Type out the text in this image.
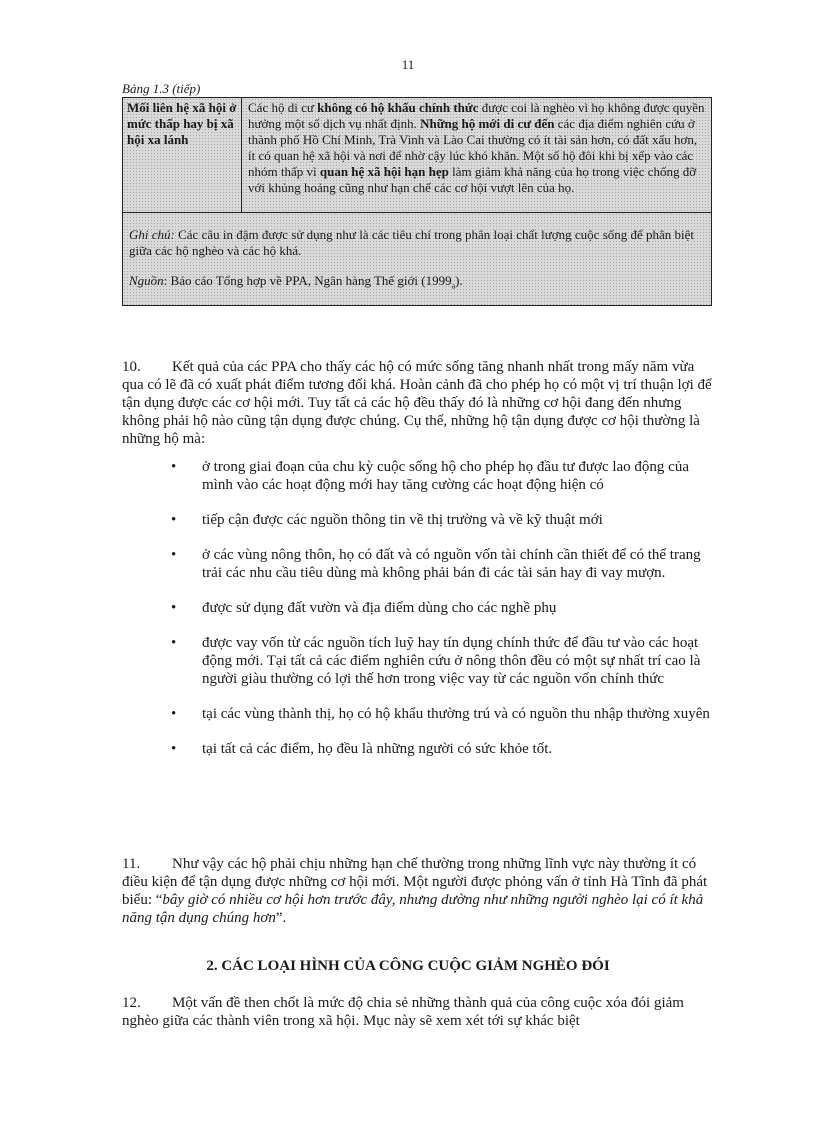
11
Bảng 1.3 (tiếp)
Mối liên hệ xã hội ở mức thấp hay bị xã hội xa lánh
Các hộ di cư không có hộ khẩu chính thức được coi là nghèo vì họ không được quyền hưởng một số dịch vụ nhất định. Những hộ mới di cư đến các địa điểm nghiên cứu ở thành phố Hồ Chí Minh, Trà Vinh và Lào Cai thường có ít tài sản hơn, có đất xấu hơn, ít có quan hệ xã hội và nơi để nhờ cậy lúc khó khăn. Một số hộ đôi khi bị xếp vào các nhóm thấp vì quan hệ xã hội hạn hẹp làm giảm khả năng của họ trong việc chống đỡ với khủng hoảng cũng như hạn chế các cơ hội vượt lên của họ.

Ghi chú: Các câu in đậm được sử dụng như là các tiêu chí trong phân loại chất lượng cuộc sống để phân biệt giữa các hộ nghèo và các hộ khá.

Nguồn: Báo cáo Tổng hợp về PPA, Ngân hàng Thế giới $(1999_a)$.

10. Kết quả của các PPA cho thấy các hộ có mức sống tăng nhanh nhất trong mấy năm vừa qua có lẽ đã có xuất phát điểm tương đối khá. Hoàn cảnh đã cho phép họ có một vị trí thuận lợi để tận dụng được các cơ hội mới. Tuy tất cả các hộ đều thấy đó là những cơ hội đang đến nhưng không phải hộ nào cũng tận dụng được chúng. Cụ thể, những hộ tận dụng được cơ hội thường là những hộ mà:

• ở trong giai đoạn của chu kỳ cuộc sống hộ cho phép họ đầu tư được lao động của mình vào các hoạt động mới hay tăng cường các hoạt động hiện có
• tiếp cận được các nguồn thông tin về thị trường và về kỹ thuật mới
• ở các vùng nông thôn, họ có đất và có nguồn vốn tài chính cần thiết để có thể trang trải các nhu cầu tiêu dùng mà không phải bán đi các tài sản hay đi vay mượn.
• được sử dụng đất vườn và địa điểm dùng cho các nghề phụ
• được vay vốn từ các nguồn tích luỹ hay tín dụng chính thức để đầu tư vào các hoạt động mới. Tại tất cả các điểm nghiên cứu ở nông thôn đều có một sự nhất trí cao là người giàu thường có lợi thế hơn trong việc vay từ các nguồn vốn chính thức
• tại các vùng thành thị, họ có hộ khẩu thường trú và có nguồn thu nhập thường xuyên
• tại tất cả các điểm, họ đều là những người có sức khỏe tốt.

11. Như vậy các hộ phải chịu những hạn chế thường trong những lĩnh vực này thường ít có điều kiện để tận dụng được những cơ hội mới. Một người được phỏng vấn ở tỉnh Hà Tĩnh đã phát biểu: “bây giờ có nhiều cơ hội hơn trước đây, nhưng dường như những người nghèo lại có ít khả năng tận dụng chúng hơn”.

2. CÁC LOẠI HÌNH CỦA CÔNG CUỘC GIẢM NGHÈO ĐÓI

12. Một vấn đề then chốt là mức độ chia sẻ những thành quả của công cuộc xóa đói giảm nghèo giữa các thành viên trong xã hội. Mục này sẽ xem xét tới sự khác biệt
